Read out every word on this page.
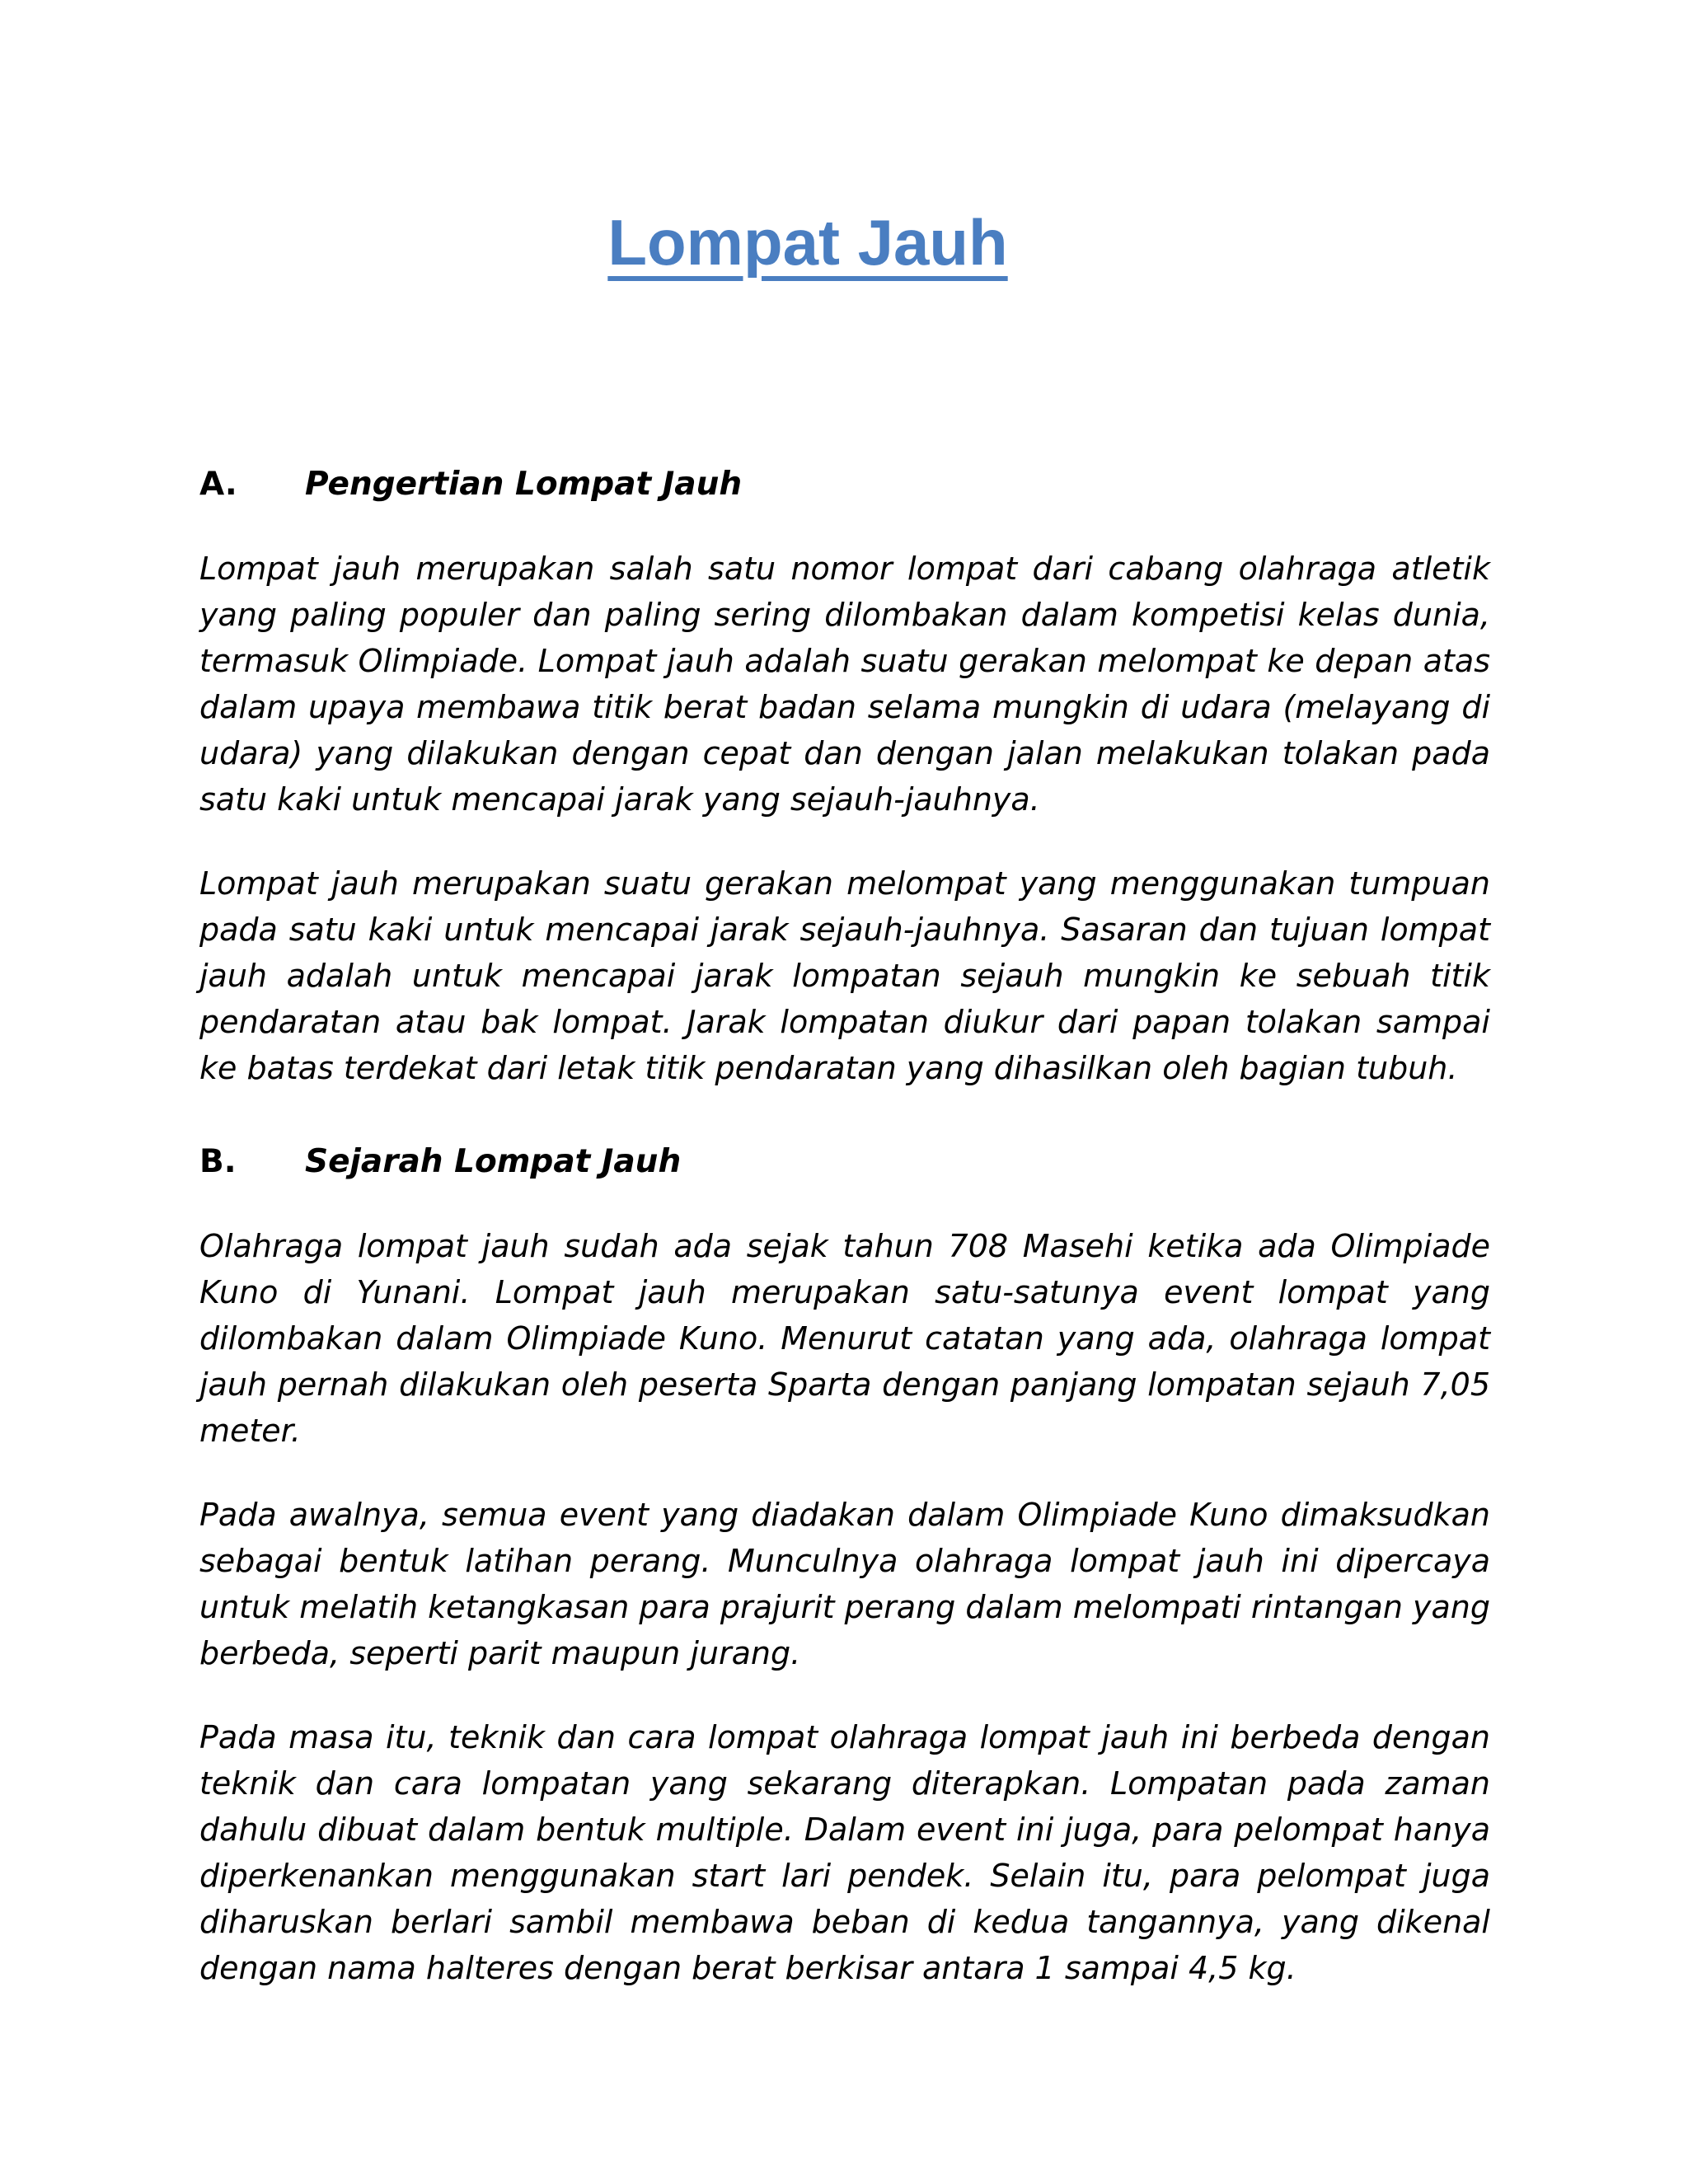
Lompat Jauh
A.	Pengertian Lompat Jauh

Lompat jauh merupakan salah satu nomor lompat dari cabang olahraga atletik yang paling populer dan paling sering dilombakan dalam kompetisi kelas dunia, termasuk Olimpiade. Lompat jauh adalah suatu gerakan melompat ke depan atas dalam upaya membawa titik berat badan selama mungkin di udara (melayang di udara) yang dilakukan dengan cepat dan dengan jalan melakukan tolakan pada satu kaki untuk mencapai jarak yang sejauh-jauhnya.

Lompat jauh merupakan suatu gerakan melompat yang menggunakan tumpuan pada satu kaki untuk mencapai jarak sejauh-jauhnya. Sasaran dan tujuan lompat jauh adalah untuk mencapai jarak lompatan sejauh mungkin ke sebuah titik pendaratan atau bak lompat. Jarak lompatan diukur dari papan tolakan sampai ke batas terdekat dari letak titik pendaratan yang dihasilkan oleh bagian tubuh.

B.	Sejarah Lompat Jauh

Olahraga lompat jauh sudah ada sejak tahun 708 Masehi ketika ada Olimpiade Kuno di Yunani. Lompat jauh merupakan satu-satunya event lompat yang dilombakan dalam Olimpiade Kuno. Menurut catatan yang ada, olahraga lompat jauh pernah dilakukan oleh peserta Sparta dengan panjang lompatan sejauh 7,05 meter.

Pada awalnya, semua event yang diadakan dalam Olimpiade Kuno dimaksudkan sebagai bentuk latihan perang. Munculnya olahraga lompat jauh ini dipercaya untuk melatih ketangkasan para prajurit perang dalam melompati rintangan yang berbeda, seperti parit maupun jurang.

Pada masa itu, teknik dan cara lompat olahraga lompat jauh ini berbeda dengan teknik dan cara lompatan yang sekarang diterapkan. Lompatan pada zaman dahulu dibuat dalam bentuk multiple. Dalam event ini juga, para pelompat hanya diperkenankan menggunakan start lari pendek. Selain itu, para pelompat juga diharuskan berlari sambil membawa beban di kedua tangannya, yang dikenal dengan nama halteres dengan berat berkisar antara 1 sampai 4,5 kg.
